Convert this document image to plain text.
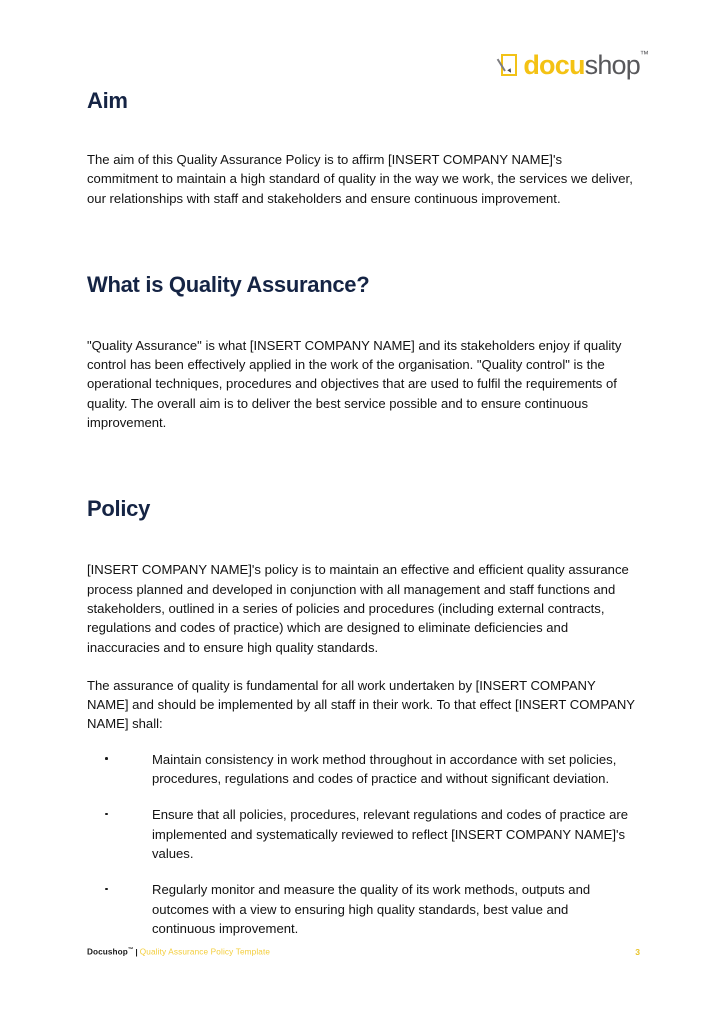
docushop ™
Aim

The aim of this Quality Assurance Policy is to affirm [INSERT COMPANY NAME]'s commitment to maintain a high standard of quality in the way we work, the services we deliver, our relationships with staff and stakeholders and ensure continuous improvement.

What is Quality Assurance?

"Quality Assurance" is what [INSERT COMPANY NAME] and its stakeholders enjoy if quality control has been effectively applied in the work of the organisation. "Quality control" is the operational techniques, procedures and objectives that are used to fulfil the requirements of quality. The overall aim is to deliver the best service possible and to ensure continuous improvement.

Policy

[INSERT COMPANY NAME]'s policy is to maintain an effective and efficient quality assurance process planned and developed in conjunction with all management and staff functions and stakeholders, outlined in a series of policies and procedures (including external contracts, regulations and codes of practice) which are designed to eliminate deficiencies and inaccuracies and to ensure high quality standards.

The assurance of quality is fundamental for all work undertaken by [INSERT COMPANY NAME] and should be implemented by all staff in their work. To that effect [INSERT COMPANY NAME] shall:

Maintain consistency in work method throughout in accordance with set policies, procedures, regulations and codes of practice and without significant deviation.
Ensure that all policies, procedures, relevant regulations and codes of practice are implemented and systematically reviewed to reflect [INSERT COMPANY NAME]'s values.
Regularly monitor and measure the quality of its work methods, outputs and outcomes with a view to ensuring high quality standards, best value and continuous improvement.
Docushop™ | Quality Assurance Policy Template	3
